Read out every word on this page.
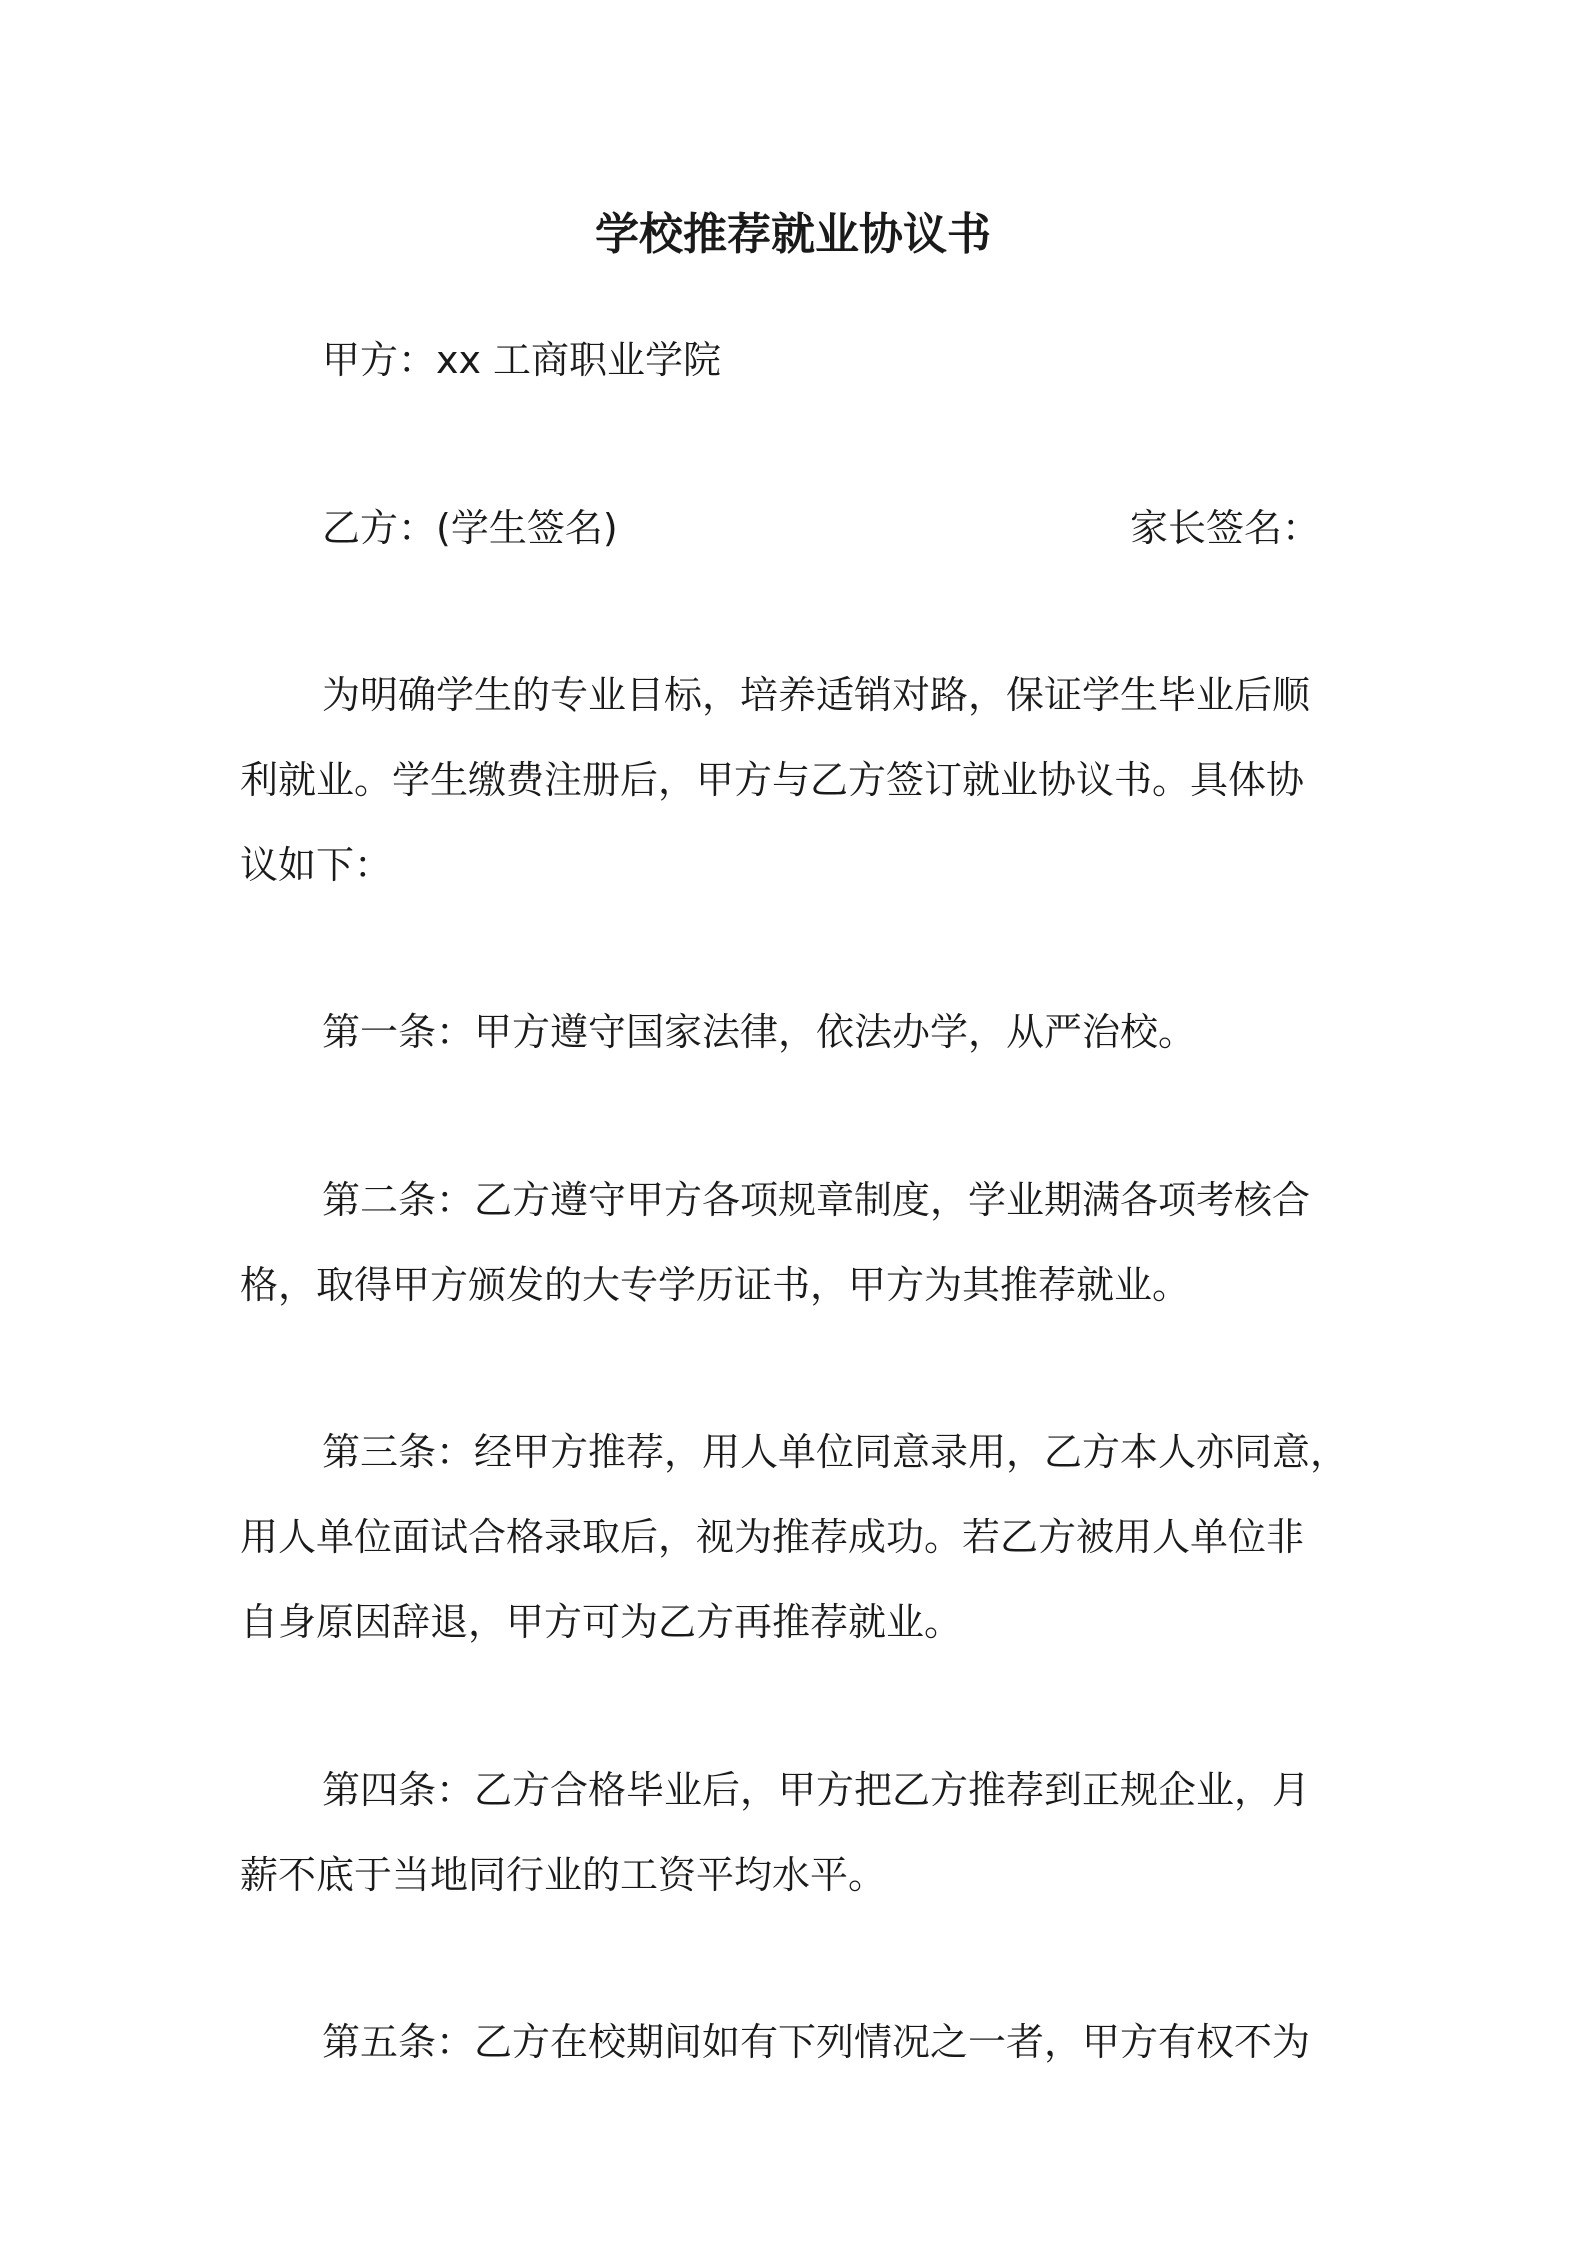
学校推荐就业协议书
甲方：xx 工商职业学院
乙方：(学生签名)	家长签名：
为明确学生的专业目标，培养适销对路，保证学生毕业后顺
利就业。学生缴费注册后，甲方与乙方签订就业协议书。具体协
议如下：
第一条：甲方遵守国家法律，依法办学，从严治校。
第二条：乙方遵守甲方各项规章制度，学业期满各项考核合
格，取得甲方颁发的大专学历证书，甲方为其推荐就业。
第三条：经甲方推荐，用人单位同意录用，乙方本人亦同意，
用人单位面试合格录取后，视为推荐成功。若乙方被用人单位非
自身原因辞退，甲方可为乙方再推荐就业。
第四条：乙方合格毕业后，甲方把乙方推荐到正规企业，月
薪不底于当地同行业的工资平均水平。
第五条：乙方在校期间如有下列情况之一者，甲方有权不为
